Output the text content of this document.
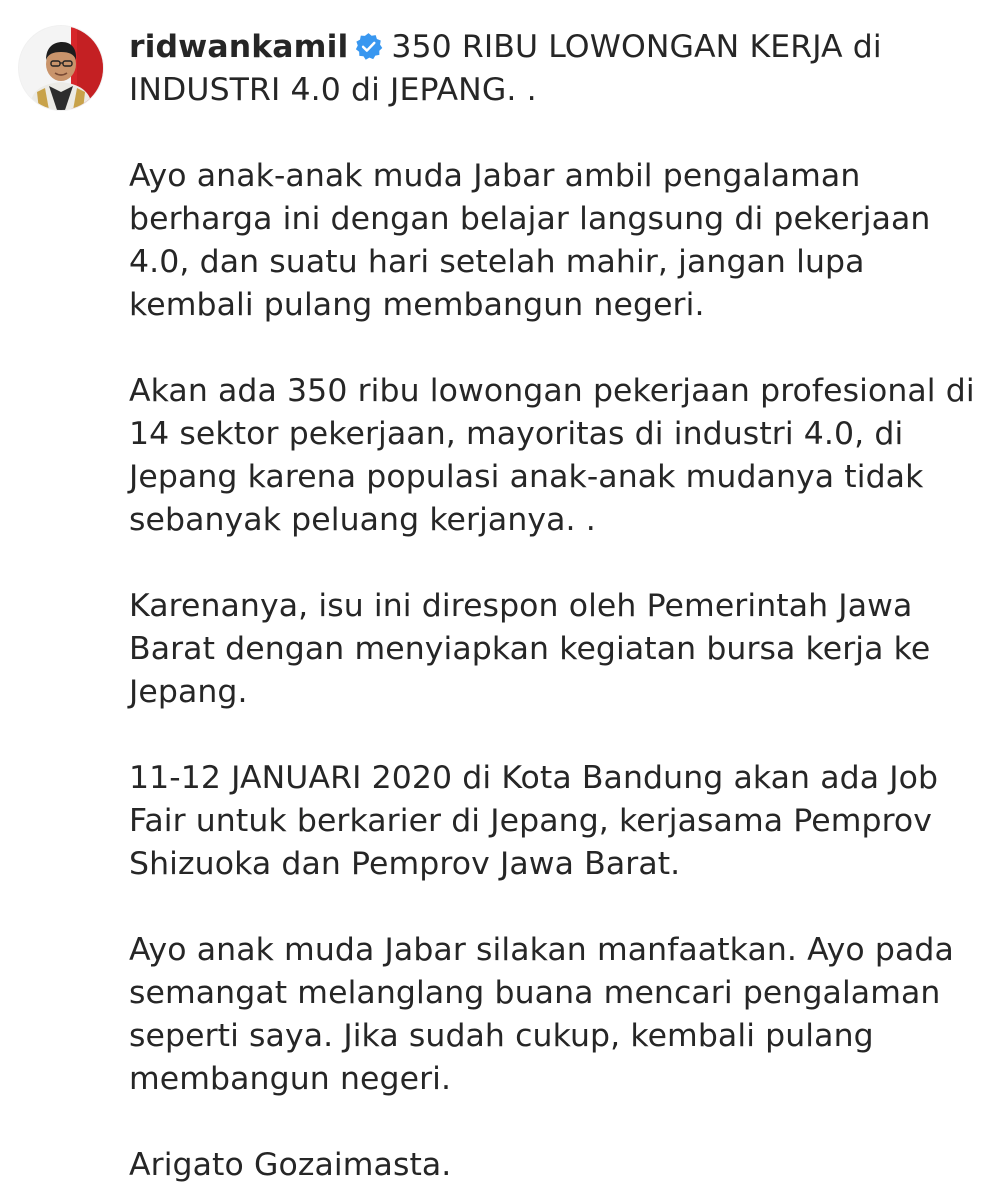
ridwankamil 350 RIBU LOWONGAN KERJA di INDUSTRI 4.0 di JEPANG. .

Ayo anak-anak muda Jabar ambil pengalaman berharga ini dengan belajar langsung di pekerjaan 4.0, dan suatu hari setelah mahir, jangan lupa kembali pulang membangun negeri.

Akan ada 350 ribu lowongan pekerjaan profesional di 14 sektor pekerjaan, mayoritas di industri 4.0, di Jepang karena populasi anak-anak mudanya tidak sebanyak peluang kerjanya. .

Karenanya, isu ini direspon oleh Pemerintah Jawa Barat dengan menyiapkan kegiatan bursa kerja ke Jepang.

11-12 JANUARI 2020 di Kota Bandung akan ada Job Fair untuk berkarier di Jepang, kerjasama Pemprov Shizuoka dan Pemprov Jawa Barat.

Ayo anak muda Jabar silakan manfaatkan. Ayo pada semangat melanglang buana mencari pengalaman seperti saya. Jika sudah cukup, kembali pulang membangun negeri.

Arigato Gozaimasta.
